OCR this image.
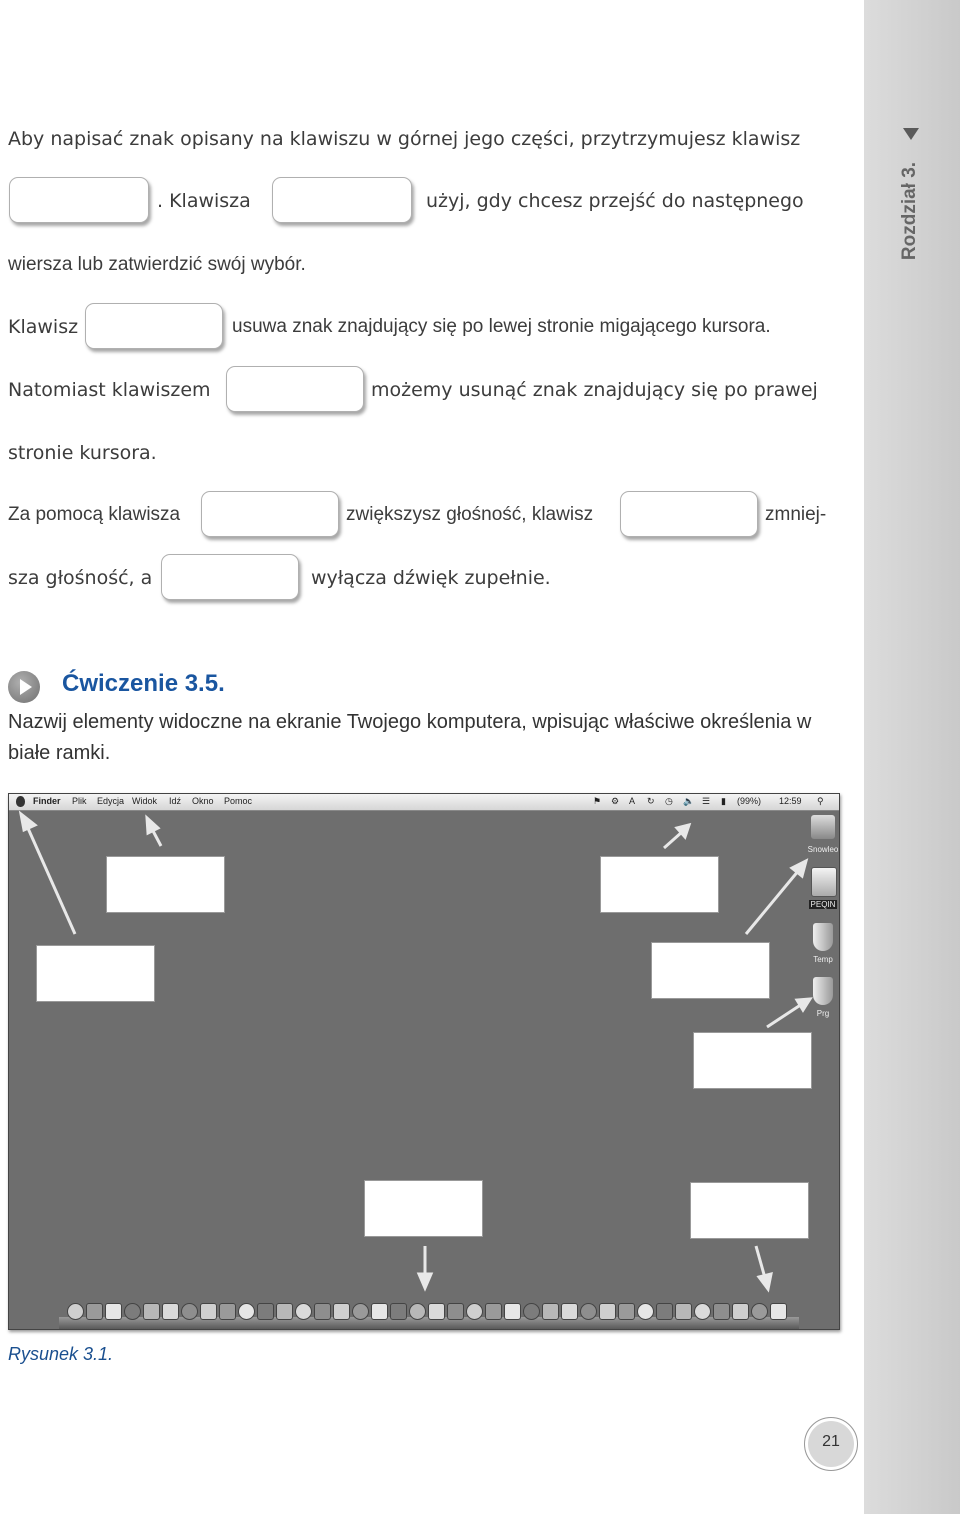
Rozdział 3.
Aby napisać znak opisany na klawiszu w górnej jego części, przytrzymujesz klawisz
. Klawisza	użyj, gdy chcesz przejść do następnego
wiersza lub zatwierdzić swój wybór.
Klawisz	usuwa znak znajdujący się po lewej stronie migającego kursora.
Natomiast klawiszem	możemy usunąć znak znajdujący się po prawej
stronie kursora.
Za pomocą klawisza	zwiększysz głośność, klawisz	zmniej-
sza głośność, a	wyłącza dźwięk zupełnie.
Ćwiczenie 3.5.
Nazwij elementy widoczne na ekranie Twojego komputera, wpisując właściwe określenia w białe ramki.
Finder Plik Edycja Widok Idź Okno Pomoc	⚑ ⚙ A ↻ ◷ 🔈 ☰ ▮ (99%) 12:59 ⚲
Snowleo
PEQIN
Temp
Prg
Rysunek 3.1.
21
